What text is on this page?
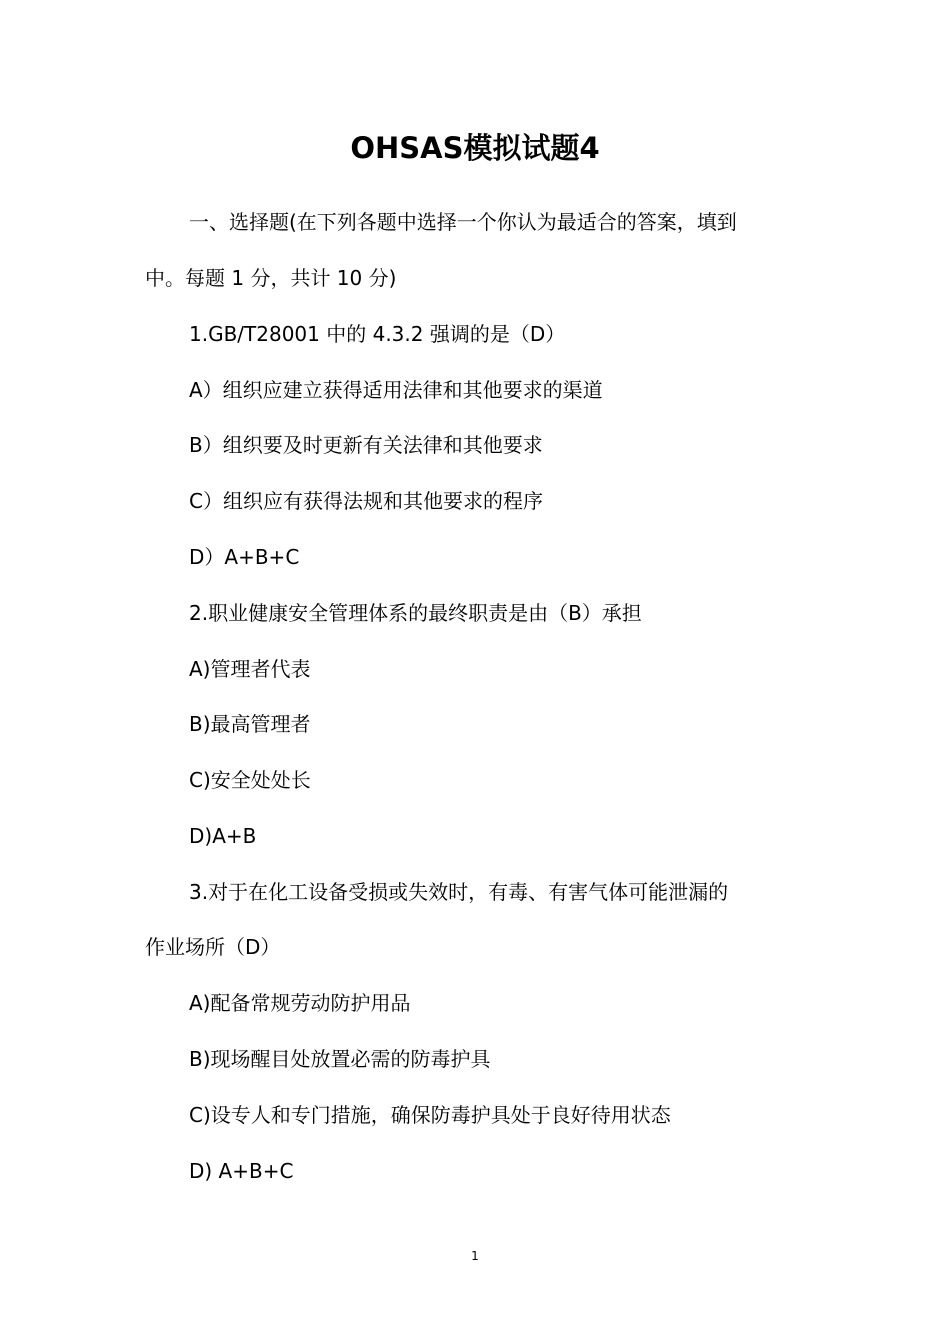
OHSAS模拟试题4

一、选择题(在下列各题中选择一个你认为最适合的答案，填到

中。每题 1 分，共计 10 分)

1.GB/T28001 中的 4.3.2 强调的是（D）

A）组织应建立获得适用法律和其他要求的渠道

B）组织要及时更新有关法律和其他要求

C）组织应有获得法规和其他要求的程序

D）A+B+C

2.职业健康安全管理体系的最终职责是由（B）承担

A)管理者代表

B)最高管理者

C)安全处处长

D)A+B

3.对于在化工设备受损或失效时，有毒、有害气体可能泄漏的

作业场所（D）

A)配备常规劳动防护用品

B)现场醒目处放置必需的防毒护具

C)设专人和专门措施，确保防毒护具处于良好待用状态

D) A+B+C

1
